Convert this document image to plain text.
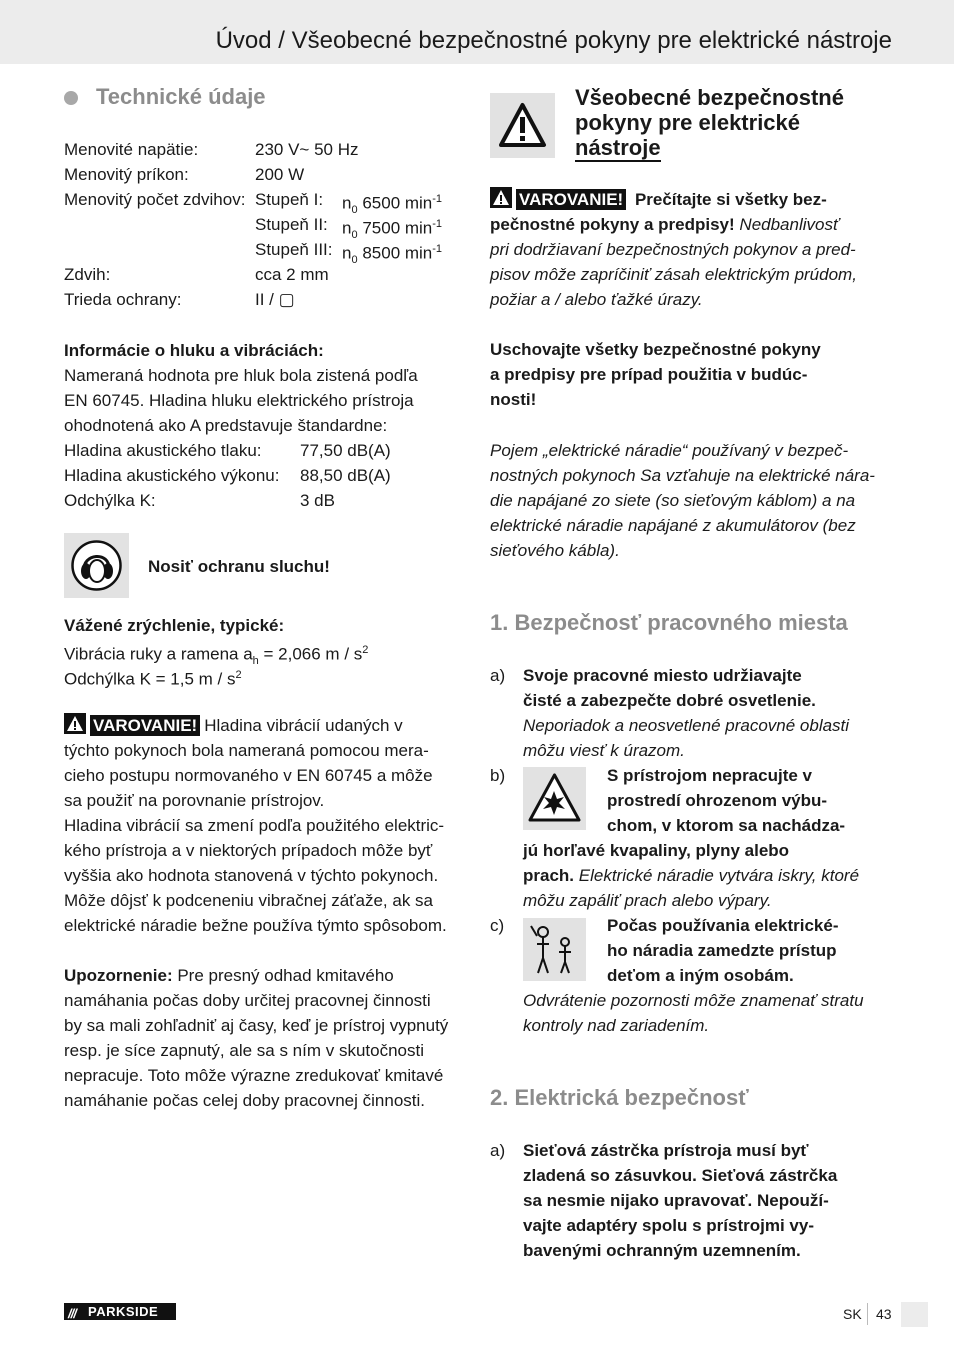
Úvod / Všeobecné bezpečnostné pokyny pre elektrické nástroje
Technické údaje
Menovité napätie:	230 V~ 50 Hz
Menovitý príkon:	200 W
Menovitý počet zdvihov: Stupeň I: $n_0$ 6500 $\min^{-1}$
Stupeň II: $n_0$ 7500 $\min^{-1}$
Stupeň III: $n_0$ 8500 $\min^{-1}$
Zdvih:	cca 2 mm
Trieda ochrany:	II / ▢
Informácie o hluku a vibráciách:
Nameraná hodnota pre hluk bola zistená podľa
EN 60745. Hladina hluku elektrického prístroja
ohodnotená ako A predstavuje štandardne:
Hladina akustického tlaku: 77,50 dB(A)
Hladina akustického výkonu: 88,50 dB(A)
Odchýlka K:	3 dB
Nosiť ochranu sluchu!
Vážené zrýchlenie, typické:
Vibrácia ruky a ramena $a_h = 2,066$ m / $s^2$
Odchýlka K = 1,5 m / $s^2$
VAROVANIE! Hladina vibrácií udaných v
týchto pokynoch bola nameraná pomocou mera-
cieho postupu normovaného v EN 60745 a môže
sa použiť na porovnanie prístrojov.
Hladina vibrácií sa zmení podľa použitého elektric-
kého prístroja a v niektorých prípadoch môže byť
vyššia ako hodnota stanovená v týchto pokynoch.
Môže dôjsť k podceneniu vibračnej záťaže, ak sa
elektrické náradie bežne používa týmto spôsobom.
Upozornenie: Pre presný odhad kmitavého
namáhania počas doby určitej pracovnej činnosti
by sa mali zohľadniť aj časy, keď je prístroj vypnutý
resp. je síce zapnutý, ale sa s ním v skutočnosti
nepracuje. Toto môže výrazne zredukovať kmitavé
namáhanie počas celej doby pracovnej činnosti.
Všeobecné bezpečnostné
pokyny pre elektrické
nástroje
VAROVANIE! Prečítajte si všetky bez-
pečnostné pokyny a predpisy! Nedbanlivosť
pri dodržiavaní bezpečnostných pokynov a pred-
pisov môže zapríčiniť zásah elektrickým prúdom,
požiar a / alebo ťažké úrazy.
Uschovajte všetky bezpečnostné pokyny
a predpisy pre prípad použitia v budúc-
nosti!
Pojem „elektrické náradie“ používaný v bezpeč-
nostných pokynoch Sa vzťahuje na elektrické nára-
die napájané zo siete (so sieťovým káblom) a na
elektrické náradie napájané z akumulátorov (bez
sieťového kábla).
1. Bezpečnosť pracovného miesta
a) Svoje pracovné miesto udržiavajte
čisté a zabezpečte dobré osvetlenie.
Neporiadok a neosvetlené pracovné oblasti
môžu viesť k úrazom.
b)	S prístrojom nepracujte v
prostredí ohrozenom výbu-
chom, v ktorom sa nachádza-
jú horľavé kvapaliny, plyny alebo
prach. Elektrické náradie vytvára iskry, ktoré
môžu zapáliť prach alebo výpary.
c)	Počas používania elektrické-
ho náradia zamedzte prístup
deťom a iným osobám.
Odvrátenie pozornosti môže znamenať stratu
kontroly nad zariadením.
2. Elektrická bezpečnosť
a) Sieťová zástrčka prístroja musí byť
zladená so zásuvkou. Sieťová zástrčka
sa nesmie nijako upravovať. Nepouží-
vajte adaptéry spolu s prístrojmi vy-
bavenými ochranným uzemnením.
/// PARKSIDE	SK 43
